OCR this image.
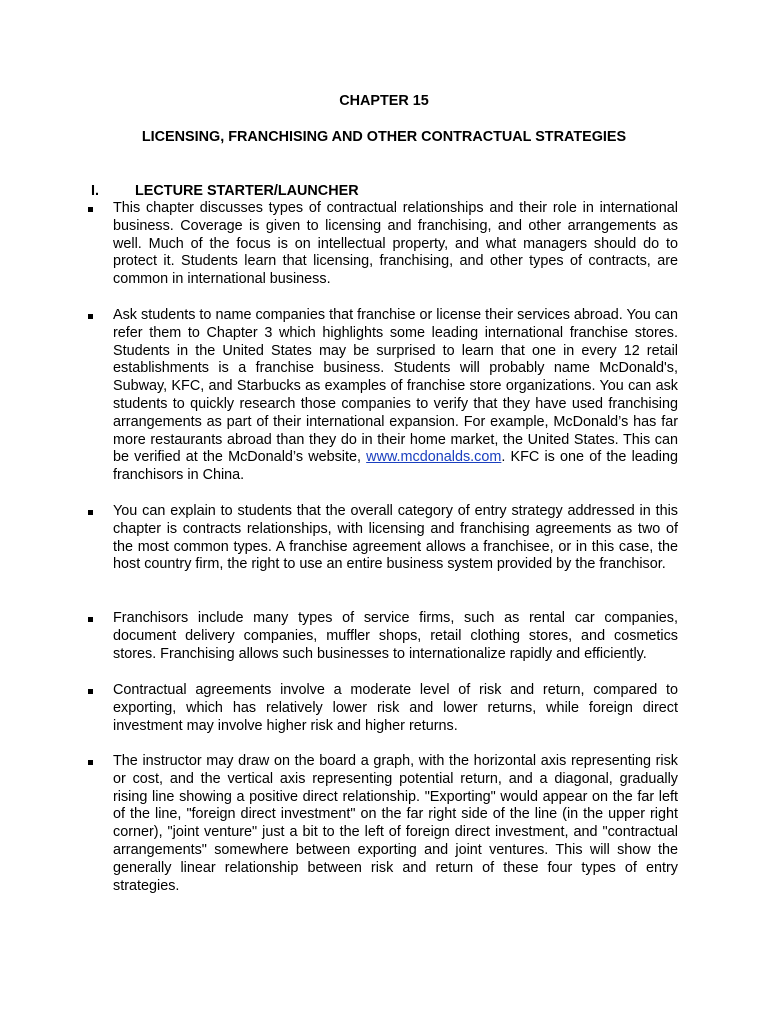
CHAPTER 15
LICENSING, FRANCHISING AND OTHER CONTRACTUAL STRATEGIES
I.	LECTURE STARTER/LAUNCHER
This chapter discusses types of contractual relationships and their role in international business. Coverage is given to licensing and franchising, and other arrangements as well. Much of the focus is on intellectual property, and what managers should do to protect it. Students learn that licensing, franchising, and other types of contracts, are common in international business.
Ask students to name companies that franchise or license their services abroad. You can refer them to Chapter 3 which highlights some leading international franchise stores. Students in the United States may be surprised to learn that one in every 12 retail establishments is a franchise business. Students will probably name McDonald's, Subway, KFC, and Starbucks as examples of franchise store organizations. You can ask students to quickly research those companies to verify that they have used franchising arrangements as part of their international expansion. For example, McDonald’s has far more restaurants abroad than they do in their home market, the United States. This can be verified at the McDonald’s website, www.mcdonalds.com. KFC is one of the leading franchisors in China.
You can explain to students that the overall category of entry strategy addressed in this chapter is contracts relationships, with licensing and franchising agreements as two of the most common types. A franchise agreement allows a franchisee, or in this case, the host country firm, the right to use an entire business system provided by the franchisor.
Franchisors include many types of service firms, such as rental car companies, document delivery companies, muffler shops, retail clothing stores, and cosmetics stores. Franchising allows such businesses to internationalize rapidly and efficiently.
Contractual agreements involve a moderate level of risk and return, compared to exporting, which has relatively lower risk and lower returns, while foreign direct investment may involve higher risk and higher returns.
The instructor may draw on the board a graph, with the horizontal axis representing risk or cost, and the vertical axis representing potential return, and a diagonal, gradually rising line showing a positive direct relationship. "Exporting" would appear on the far left of the line, "foreign direct investment" on the far right side of the line (in the upper right corner), "joint venture" just a bit to the left of foreign direct investment, and "contractual arrangements" somewhere between exporting and joint ventures. This will show the generally linear relationship between risk and return of these four types of entry strategies.
